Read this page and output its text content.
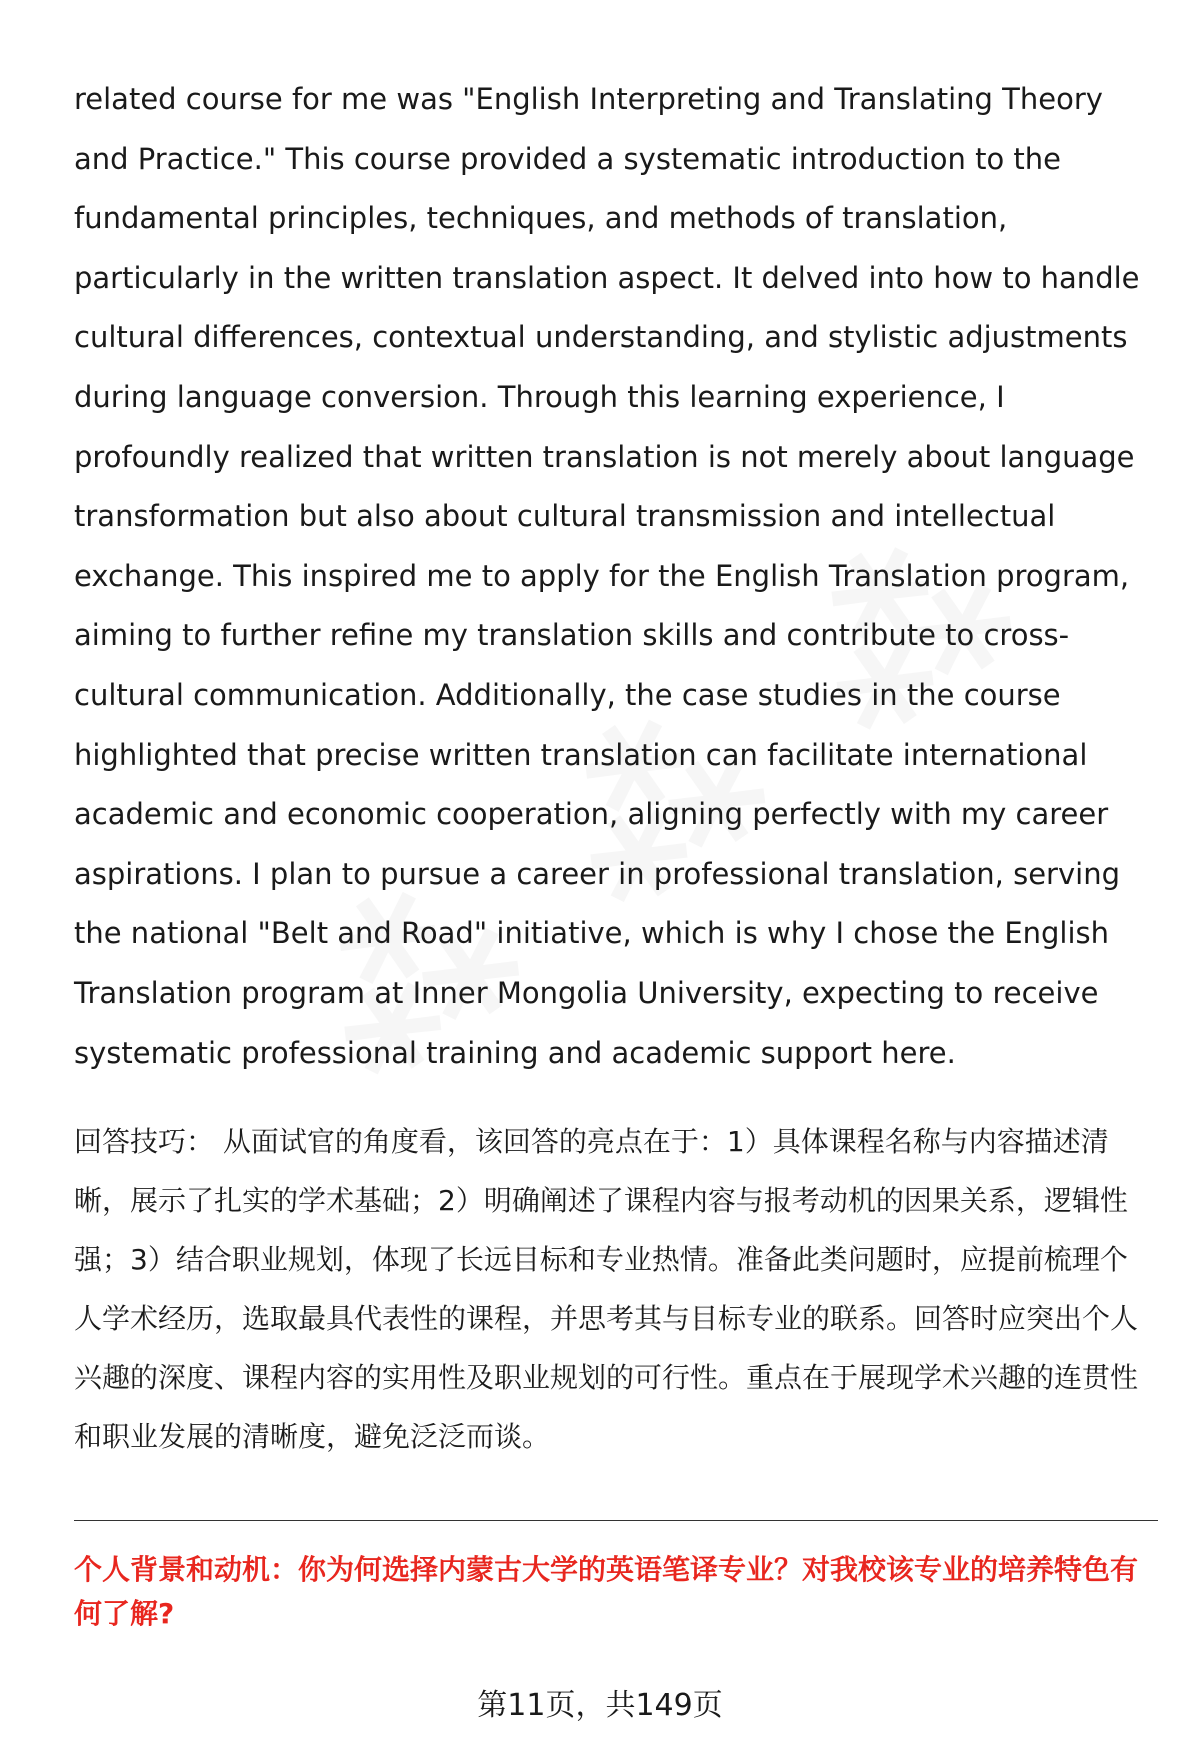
related course for me was "English Interpreting and Translating Theory and Practice." This course provided a systematic introduction to the fundamental principles, techniques, and methods of translation, particularly in the written translation aspect. It delved into how to handle cultural differences, contextual understanding, and stylistic adjustments during language conversion. Through this learning experience, I profoundly realized that written translation is not merely about language transformation but also about cultural transmission and intellectual exchange. This inspired me to apply for the English Translation program, aiming to further refine my translation skills and contribute to cross-cultural communication. Additionally, the case studies in the course highlighted that precise written translation can facilitate international academic and economic cooperation, aligning perfectly with my career aspirations. I plan to pursue a career in professional translation, serving the national "Belt and Road" initiative, which is why I chose the English Translation program at Inner Mongolia University, expecting to receive systematic professional training and academic support here.

回答技巧： 从面试官的角度看，该回答的亮点在于：1）具体课程名称与内容描述清晰，展示了扎实的学术基础；2）明确阐述了课程内容与报考动机的因果关系，逻辑性强；3）结合职业规划，体现了长远目标和专业热情。准备此类问题时，应提前梳理个人学术经历，选取最具代表性的课程，并思考其与目标专业的联系。回答时应突出个人兴趣的深度、课程内容的实用性及职业规划的可行性。重点在于展现学术兴趣的连贯性和职业发展的清晰度，避免泛泛而谈。

个人背景和动机：你为何选择内蒙古大学的英语笔译专业？对我校该专业的培养特色有何了解?

第11页，共149页
